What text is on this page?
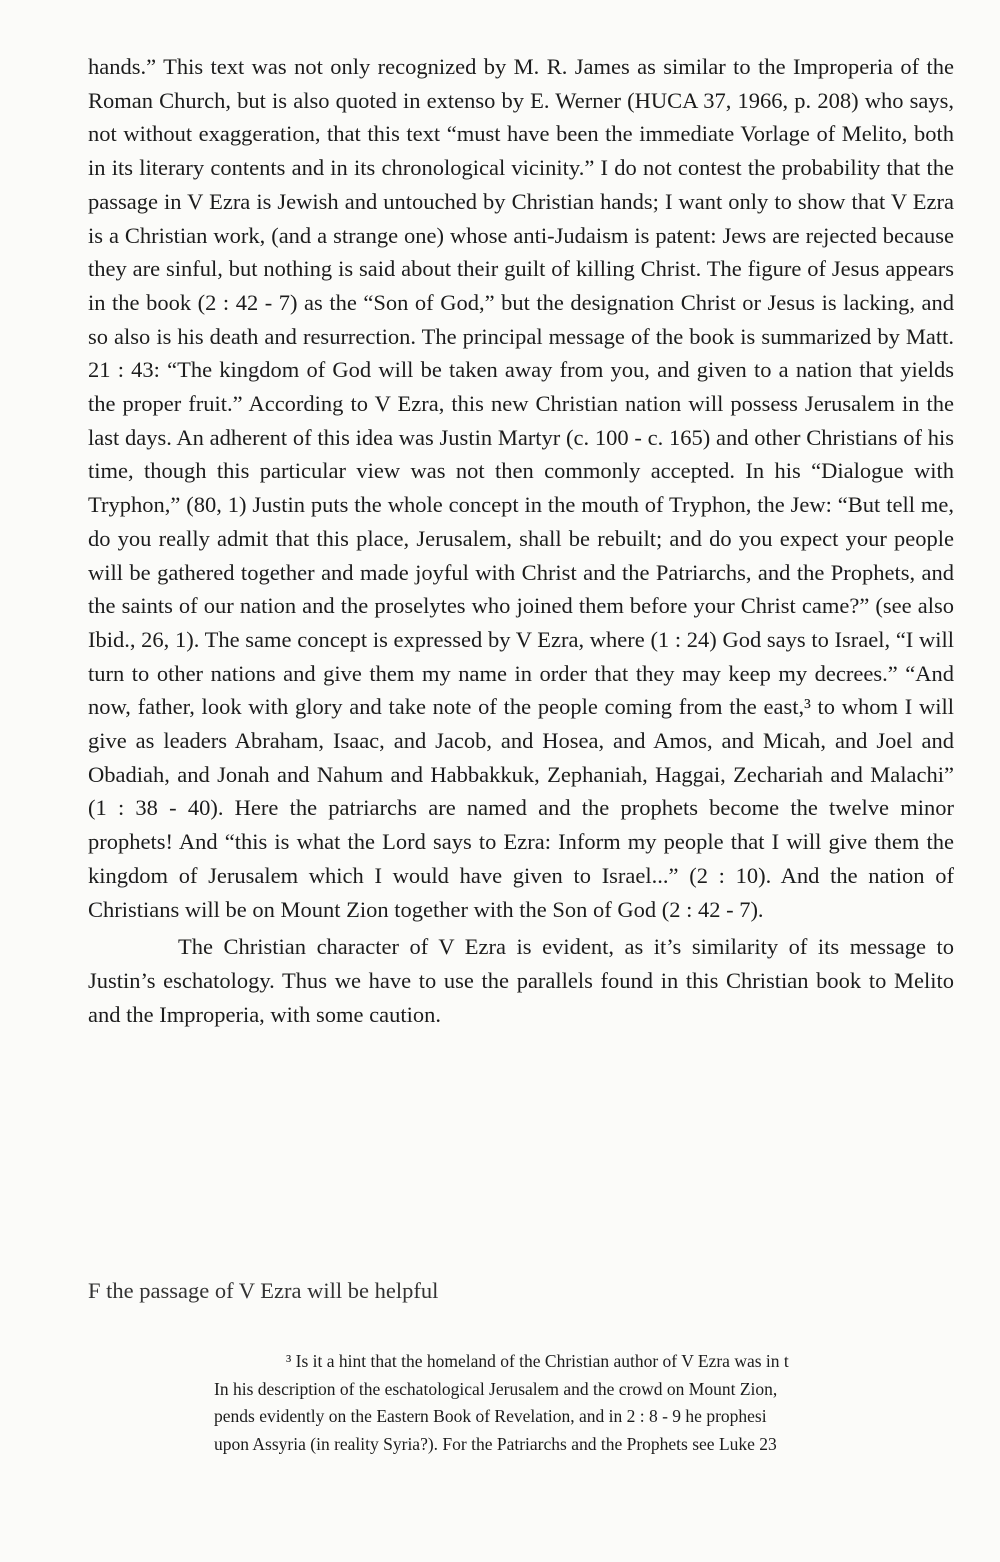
hands.” This text was not only recognized by M. R. James as similar to the Improperia of the Roman Church, but is also quoted in extenso by E. Werner (HUCA 37, 1966, p. 208) who says, not without exaggeration, that this text “must have been the immediate Vorlage of Melito, both in its literary contents and in its chronological vicinity.” I do not contest the probability that the passage in V Ezra is Jewish and untouched by Christian hands; I want only to show that V Ezra is a Christian work, (and a strange one) whose anti-Judaism is patent: Jews are rejected because they are sinful, but nothing is said about their guilt of killing Christ. The figure of Jesus appears in the book (2 : 42 - 7) as the “Son of God,” but the designation Christ or Jesus is lacking, and so also is his death and resurrection. The principal message of the book is summarized by Matt. 21 : 43: “The kingdom of God will be taken away from you, and given to a nation that yields the proper fruit.” According to V Ezra, this new Christian nation will possess Jerusalem in the last days. An adherent of this idea was Justin Martyr (c. 100 - c. 165) and other Christians of his time, though this particular view was not then commonly accepted. In his “Dialogue with Tryphon,” (80, 1) Justin puts the whole concept in the mouth of Tryphon, the Jew: “But tell me, do you really admit that this place, Jerusalem, shall be rebuilt; and do you expect your people will be gathered together and made joyful with Christ and the Patriarchs, and the Prophets, and the saints of our nation and the proselytes who joined them before your Christ came?” (see also Ibid., 26, 1). The same concept is expressed by V Ezra, where (1 : 24) God says to Israel, “I will turn to other nations and give them my name in order that they may keep my decrees.” “And now, father, look with glory and take note of the people coming from the east,³ to whom I will give as leaders Abraham, Isaac, and Jacob, and Hosea, and Amos, and Micah, and Joel and Obadiah, and Jonah and Nahum and Habbakkuk, Zephaniah, Haggai, Zechariah and Malachi” (1 : 38 - 40). Here the patriarchs are named and the prophets become the twelve minor prophets! And “this is what the Lord says to Ezra: Inform my people that I will give them the kingdom of Jerusalem which I would have given to Israel...” (2 : 10). And the nation of Christians will be on Mount Zion together with the Son of God (2 : 42 - 7).

The Christian character of V Ezra is evident, as it’s similarity of its message to Justin’s eschatology. Thus we have to use the parallels found in this Christian book to Melito and the Improperia, with some caution.

F the passage of V Ezra will be helpful
³ Is it a hint that the homeland of the Christian author of V Ezra was in t
In his description of the eschatological Jerusalem and the crowd on Mount Zion,
pends evidently on the Eastern Book of Revelation, and in 2 : 8 - 9 he prophesi
upon Assyria (in reality Syria?). For the Patriarchs and the Prophets see Luke 23
